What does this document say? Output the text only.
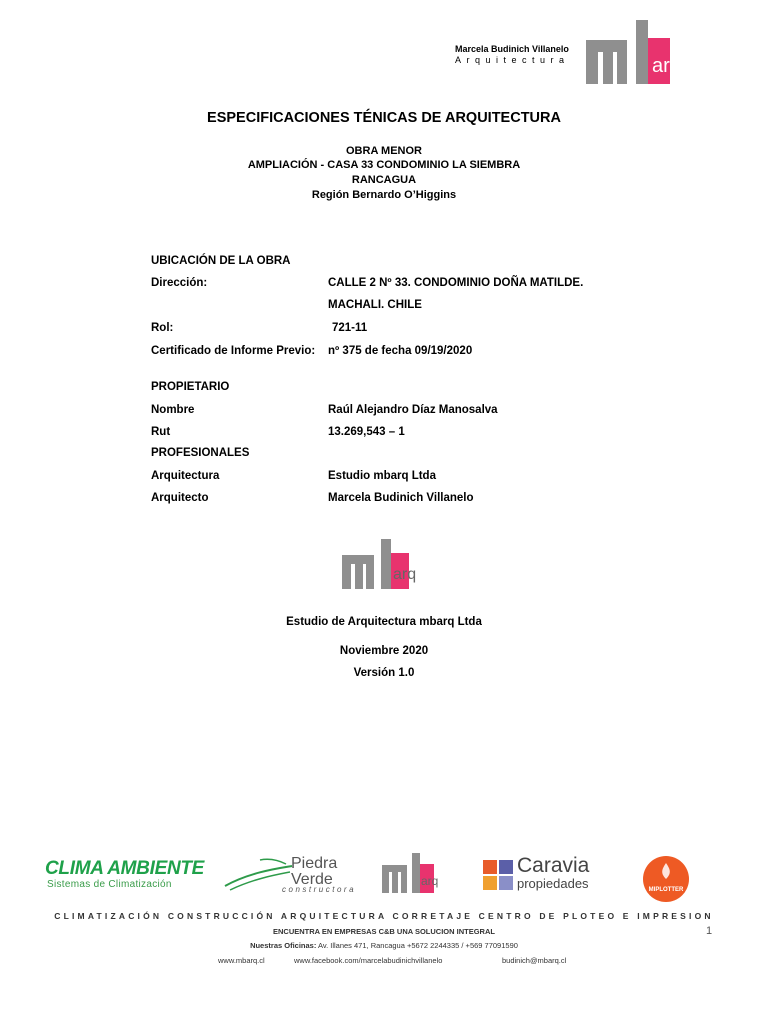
Marcela Budinich Villanelo
Arquitectura	arq
ESPECIFICACIONES TÉNICAS DE ARQUITECTURA
OBRA MENOR
AMPLIACIÓN - CASA 33 CONDOMINIO LA SIEMBRA
RANCAGUA
Región Bernardo O’Higgins
UBICACIÓN DE LA OBRA
Dirección:	CALLE 2 Nº 33. CONDOMINIO DOÑA MATILDE.
MACHALI. CHILE
Rol:	721-11
Certificado de Informe Previo: nº 375 de fecha 09/19/2020
PROPIETARIO
Nombre	Raúl Alejandro Díaz Manosalva
Rut	13.269,543 – 1
PROFESIONALES
Arquitectura	Estudio mbarq Ltda
Arquitecto	Marcela Budinich Villanelo
arq
Estudio de Arquitectura mbarq Ltda
Noviembre 2020
Versión 1.0
CLIMA AMBIENTE
Sistemas de Climatización
Piedra
Verde
constructora
arq
Caravia
propiedades	MIPLOTTER
CLIMATIZACIÓN CONSTRUCCIÓN ARQUITECTURA CORRETAJE CENTRO DE PLOTEO E IMPRESION
1
ENCUENTRA EN EMPRESAS C&B UNA SOLUCION INTEGRAL
Nuestras Oficinas: Av. Illanes 471, Rancagua +5672 2244335 / +569 77091590
www.mbarq.cl	www.facebook.com/marcelabudinichvillanelo	budinich@mbarq.cl
